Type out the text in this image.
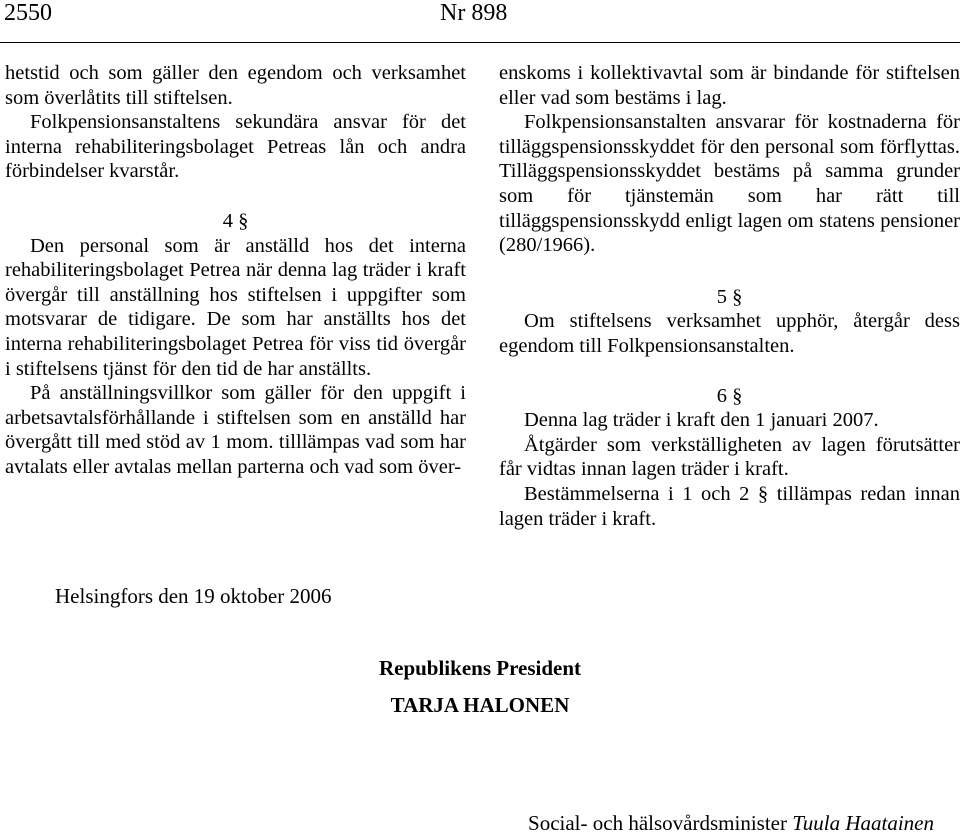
2550	Nr 898

hetstid och som gäller den egendom och verksamhet som överlåtits till stiftelsen.

Folkpensionsanstaltens sekundära ansvar för det interna rehabiliteringsbolaget Petreas lån och andra förbindelser kvarstår.

4 §

Den personal som är anställd hos det interna rehabiliteringsbolaget Petrea när denna lag träder i kraft övergår till anställning hos stiftelsen i uppgifter som motsvarar de tidigare. De som har anställts hos det interna rehabiliteringsbolaget Petrea för viss tid övergår i stiftelsens tjänst för den tid de har anställts.

På anställningsvillkor som gäller för den uppgift i arbetsavtalsförhållande i stiftelsen som en anställd har övergått till med stöd av 1 mom. tilllämpas vad som har avtalats eller avtalas mellan parterna och vad som över-

enskoms i kollektivavtal som är bindande för stiftelsen eller vad som bestäms i lag.

Folkpensionsanstalten ansvarar för kostnaderna för tilläggspensionsskyddet för den personal som förflyttas. Tilläggspensionsskyddet bestäms på samma grunder som för tjänstemän som har rätt till tilläggspensionsskydd enligt lagen om statens pensioner (280/1966).

5 §

Om stiftelsens verksamhet upphör, återgår dess egendom till Folkpensionsanstalten.

6 §

Denna lag träder i kraft den 1 januari 2007.

Åtgärder som verkställigheten av lagen förutsätter får vidtas innan lagen träder i kraft.

Bestämmelserna i 1 och 2 § tillämpas redan innan lagen träder i kraft.

Helsingfors den 19 oktober 2006
Republikens President
TARJA HALONEN
Social- och hälsovårdsminister Tuula Haatainen
